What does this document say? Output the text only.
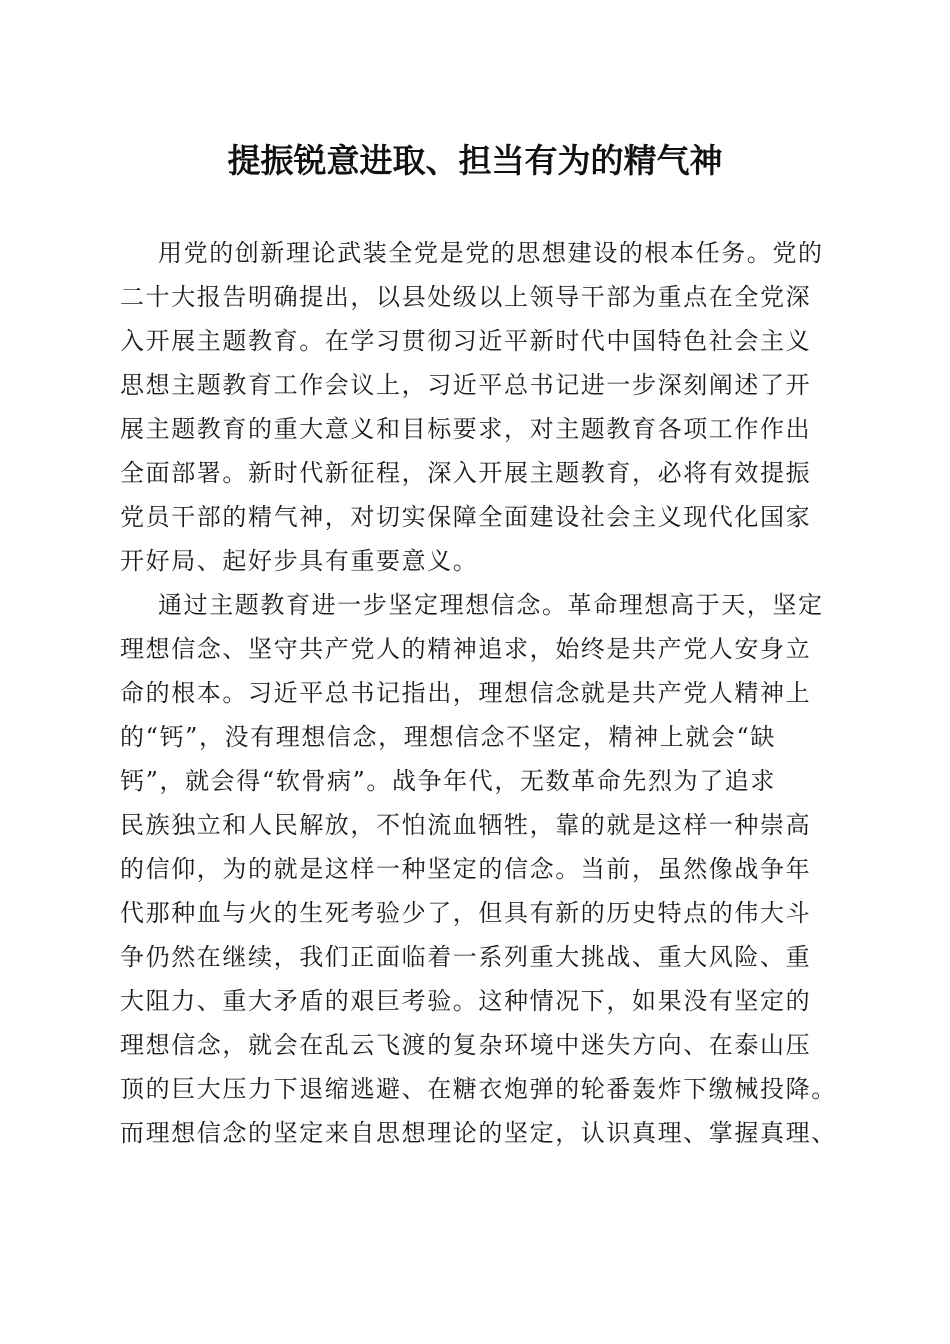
提振锐意进取、担当有为的精气神

用党的创新理论武装全党是党的思想建设的根本任务。党的

二十大报告明确提出，以县处级以上领导干部为重点在全党深

入开展主题教育。在学习贯彻习近平新时代中国特色社会主义

思想主题教育工作会议上，习近平总书记进一步深刻阐述了开

展主题教育的重大意义和目标要求，对主题教育各项工作作出

全面部署。新时代新征程，深入开展主题教育，必将有效提振

党员干部的精气神，对切实保障全面建设社会主义现代化国家

开好局、起好步具有重要意义。

通过主题教育进一步坚定理想信念。革命理想高于天，坚定

理想信念、坚守共产党人的精神追求，始终是共产党人安身立

命的根本。习近平总书记指出，理想信念就是共产党人精神上

的“钙”，没有理想信念，理想信念不坚定，精神上就会“缺

钙”，就会得“软骨病”。战争年代，无数革命先烈为了追求

民族独立和人民解放，不怕流血牺牲，靠的就是这样一种崇高

的信仰，为的就是这样一种坚定的信念。当前，虽然像战争年

代那种血与火的生死考验少了，但具有新的历史特点的伟大斗

争仍然在继续，我们正面临着一系列重大挑战、重大风险、重

大阻力、重大矛盾的艰巨考验。这种情况下，如果没有坚定的

理想信念，就会在乱云飞渡的复杂环境中迷失方向、在泰山压

顶的巨大压力下退缩逃避、在糖衣炮弹的轮番轰炸下缴械投降。

而理想信念的坚定来自思想理论的坚定，认识真理、掌握真理、
